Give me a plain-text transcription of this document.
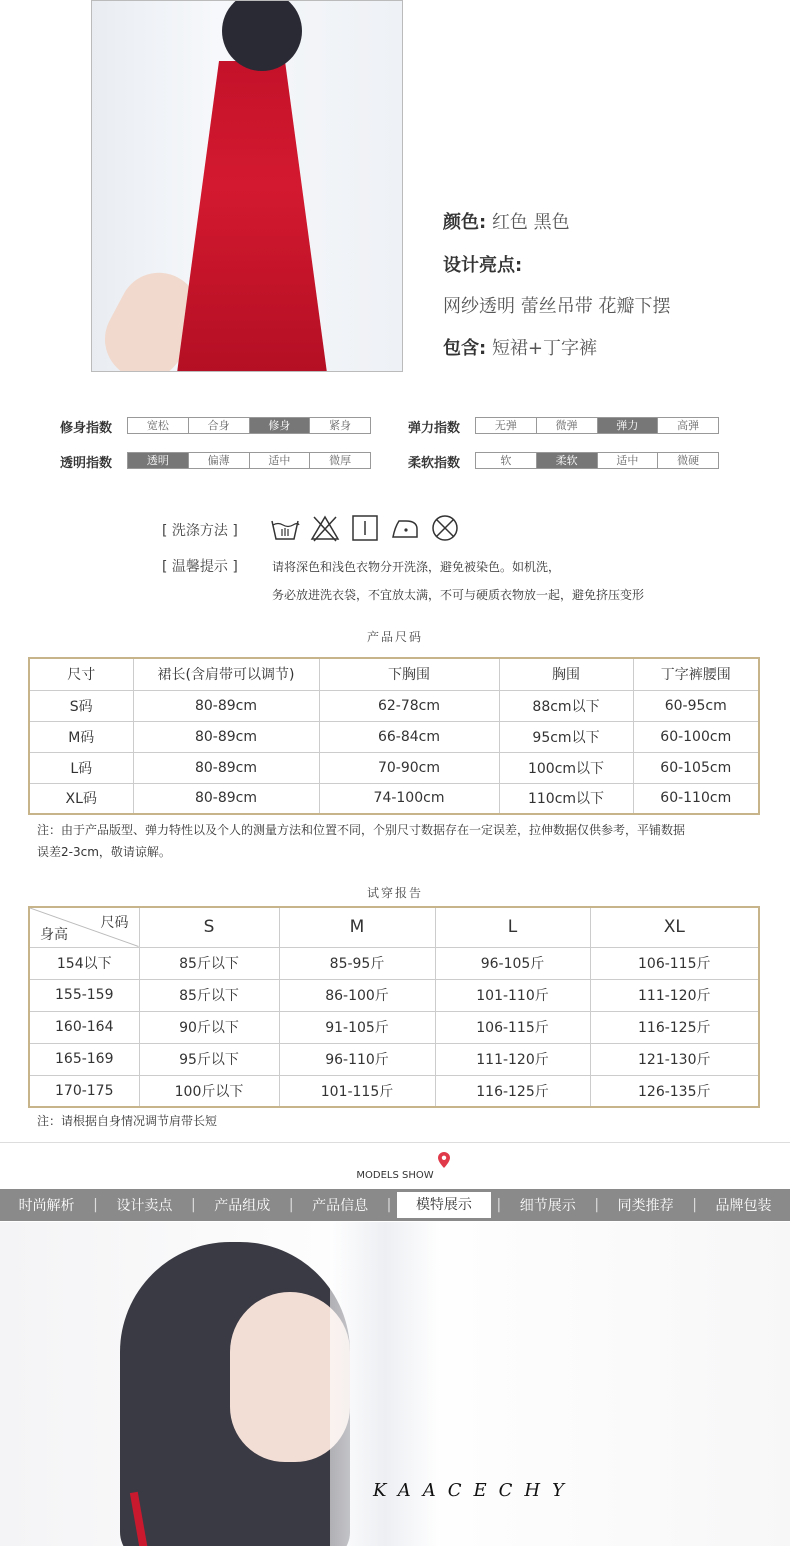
颜色: 红色 黑色
设计亮点:
网纱透明 蕾丝吊带 花瓣下摆
包含: 短裙+丁字裤
修身指数	宽松	合身	修身	紧身	弹力指数	无弹	微弹	弹力	高弹
透明指数	透明	偏薄	适中	微厚	柔软指数	软	柔软	适中	微硬
[ 洗涤方法 ]
[ 温馨提示 ]	请将深色和浅色衣物分开洗涤，避免被染色。如机洗，
务必放进洗衣袋，不宜放太满，不可与硬质衣物放一起，避免挤压变形
产品尺码
尺寸	裙长(含肩带可以调节)	下胸围	胸围	丁字裤腰围
S码	80-89cm	62-78cm	88cm以下	60-95cm
M码	80-89cm	66-84cm	95cm以下	60-100cm
L码	80-89cm	70-90cm	100cm以下	60-105cm
XL码	80-89cm	74-100cm	110cm以下	60-110cm
注：由于产品版型、弹力特性以及个人的测量方法和位置不同，个别尺寸数据存在一定误差，拉伸数据仅供参考，平铺数据
误差2-3cm，敬请谅解。
试穿报告
尺码
身高	S	M	L	XL
154以下	85斤以下	85-95斤	96-105斤	106-115斤
155-159	85斤以下	86-100斤	101-110斤	111-120斤
160-164	90斤以下	91-105斤	106-115斤	116-125斤
165-169	95斤以下	96-110斤	111-120斤	121-130斤
170-175	100斤以下	101-115斤	116-125斤	126-135斤
注：请根据自身情况调节肩带长短
MODELS SHOW
时尚解析	|	设计卖点	|	产品组成	|	产品信息	|	模特展示	|	细节展示	|	同类推荐	|	品牌包装
KAACECHY
